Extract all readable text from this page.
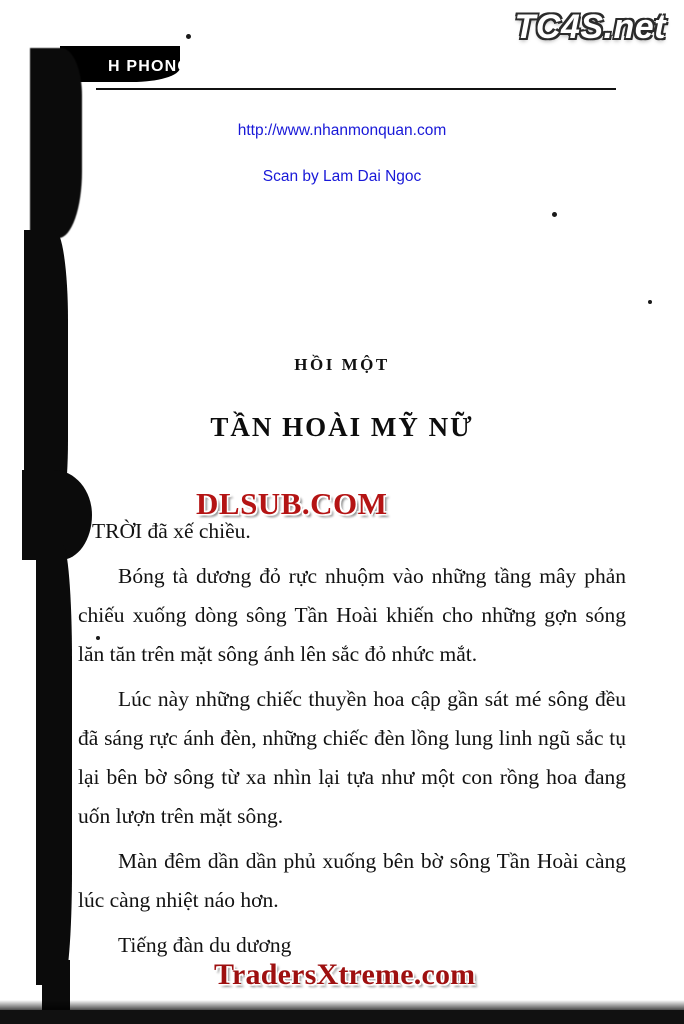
H PHONG ĐỊCH ẢNH
TC4S.net
http://www.nhanmonquan.com
Scan by Lam Dai Ngoc
HỒI MỘT
TẦN HOÀI MỸ NỮ

TRỜI đã xế chiều.

Bóng tà dương đỏ rực nhuộm vào những tầng mây phản chiếu xuống dòng sông Tần Hoài khiến cho những gợn sóng lăn tăn trên mặt sông ánh lên sắc đỏ nhức mắt.

Lúc này những chiếc thuyền hoa cập gần sát mé sông đều đã sáng rực ánh đèn, những chiếc đèn lồng lung linh ngũ sắc tụ lại bên bờ sông từ xa nhìn lại tựa như một con rồng hoa đang uốn lượn trên mặt sông.

Màn đêm dần dần phủ xuống bên bờ sông Tần Hoài càng lúc càng nhiệt náo hơn.

Tiếng đàn du dương

DLSUB.COM
TradersXtreme.com
